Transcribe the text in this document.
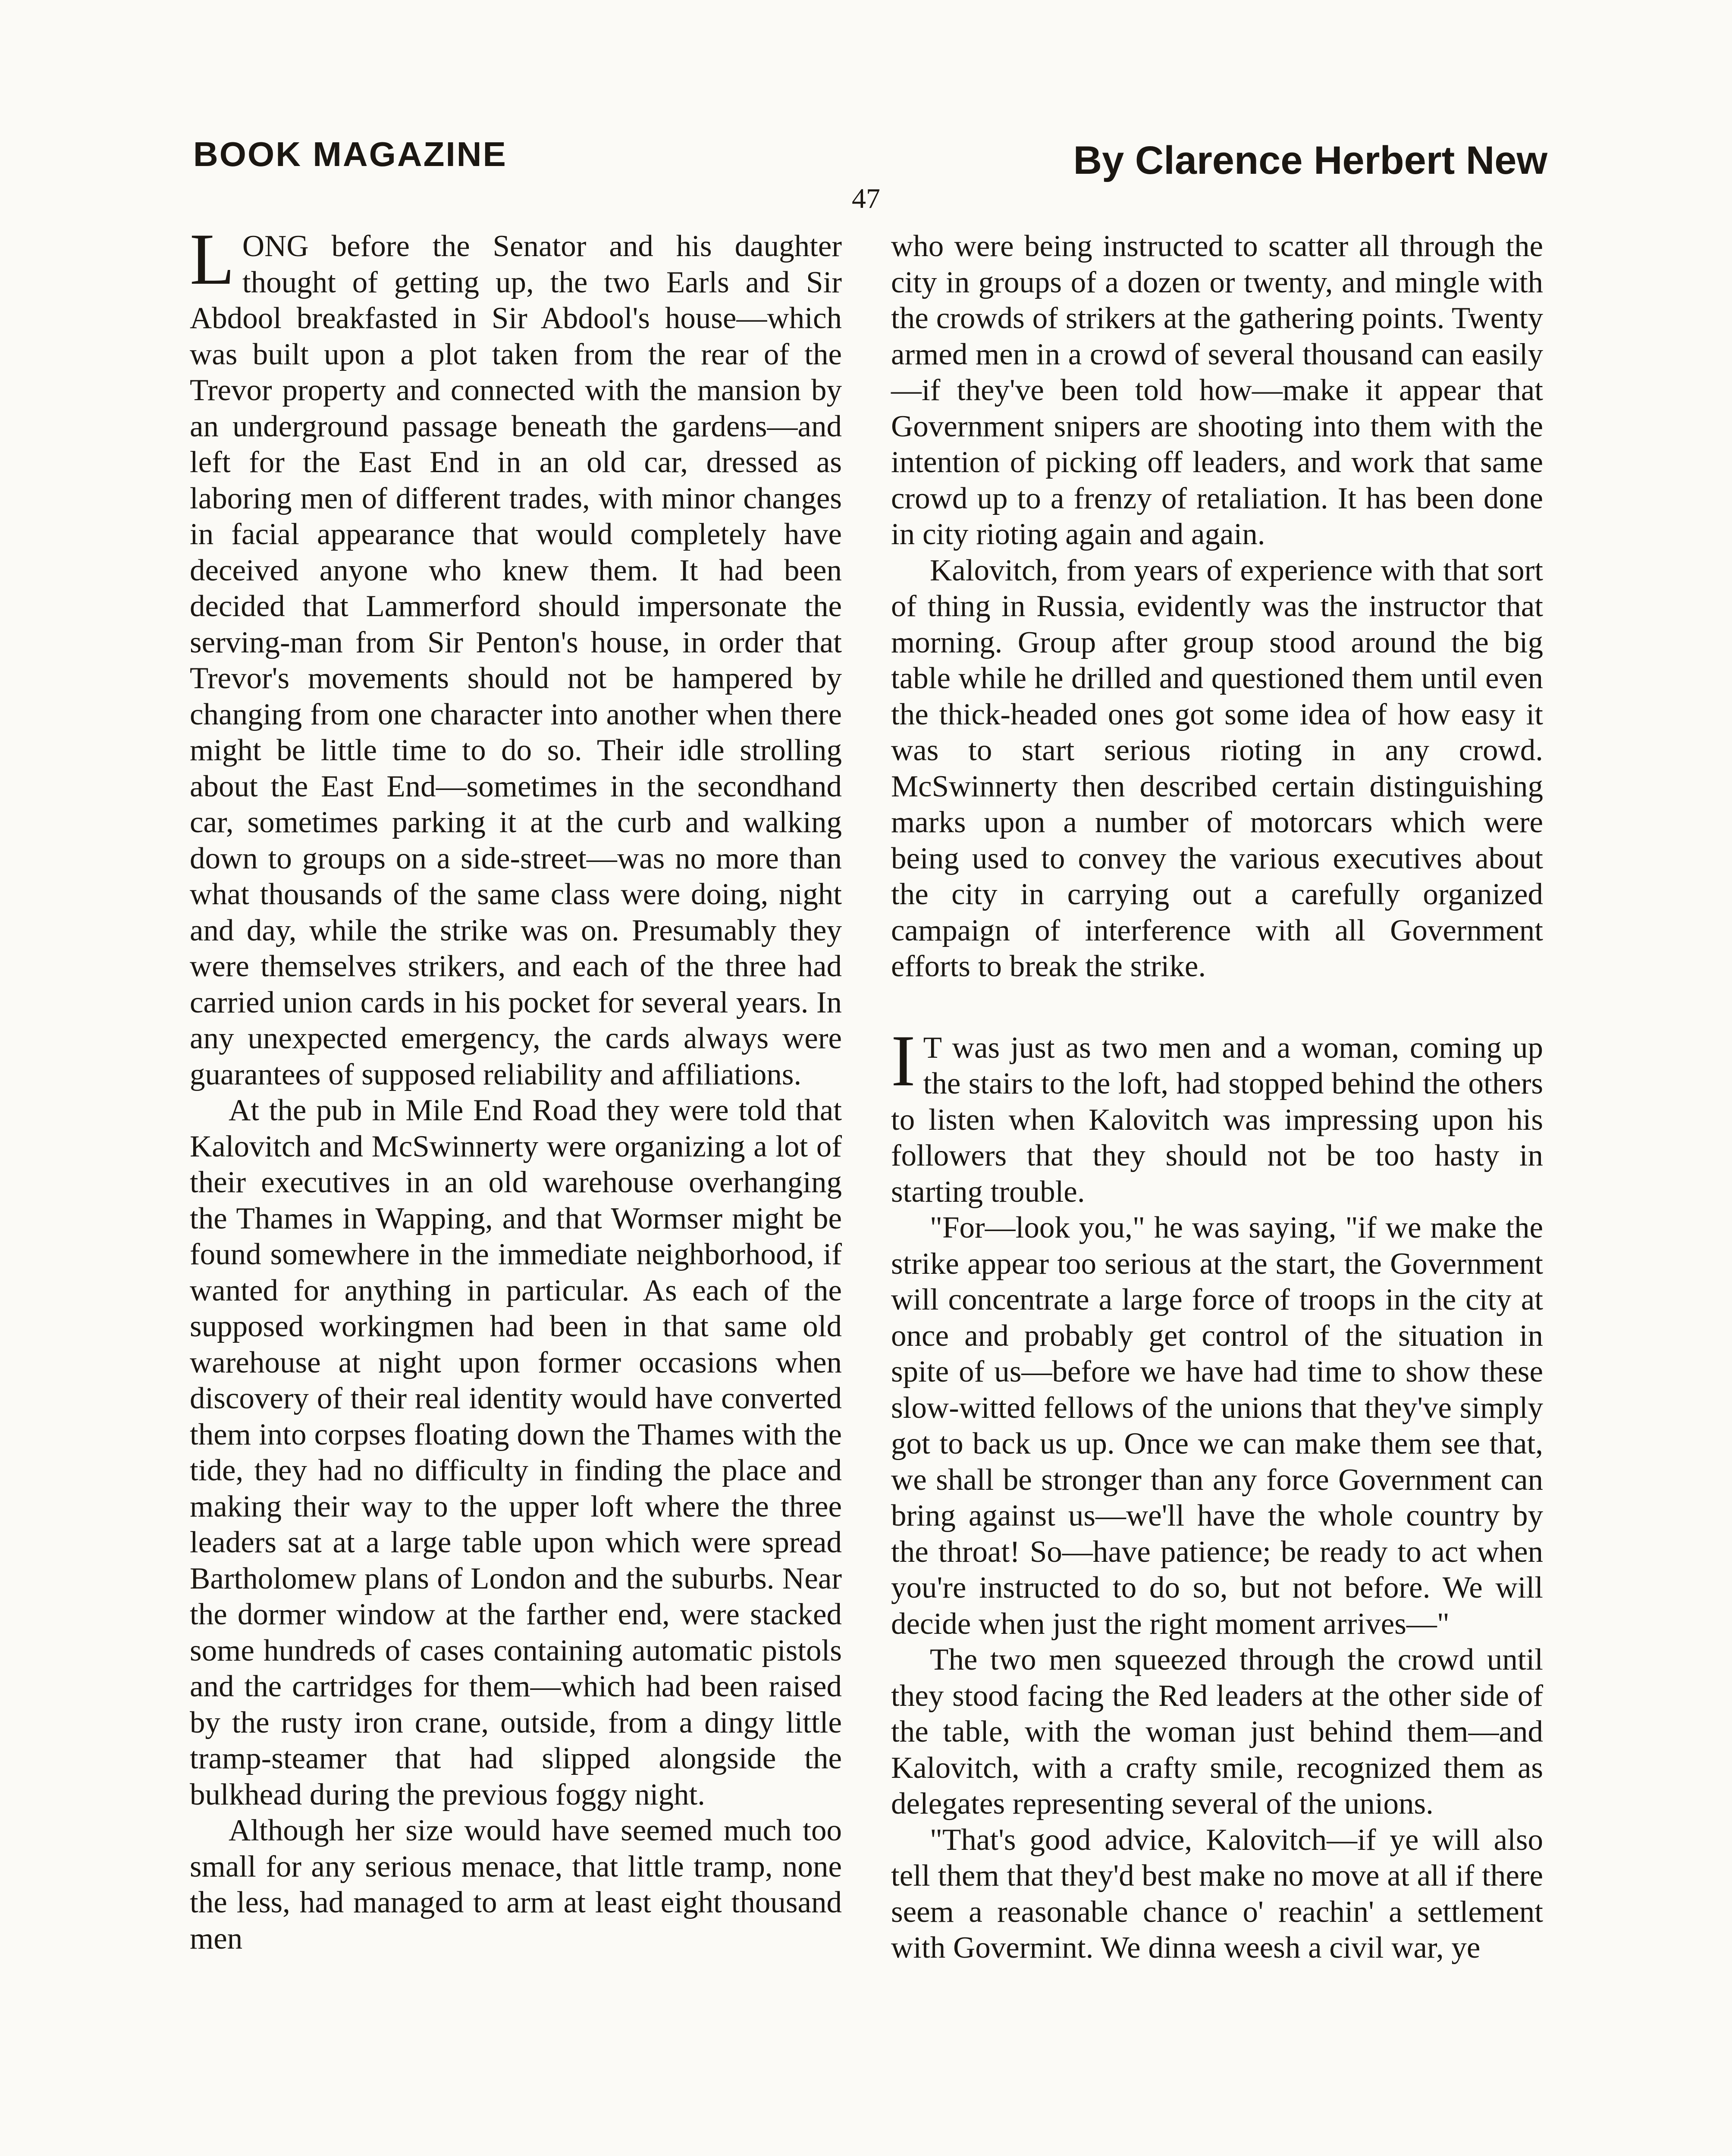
BOOK MAGAZINE	By Clarence Herbert New
47

LONG before the Senator and his daughter thought of getting up, the two Earls and Sir Abdool breakfasted in Sir Abdool's house—which was built upon a plot taken from the rear of the Trevor property and connected with the mansion by an underground passage beneath the gardens—and left for the East End in an old car, dressed as laboring men of different trades, with minor changes in facial appearance that would completely have deceived anyone who knew them. It had been decided that Lammerford should impersonate the serving-man from Sir Penton's house, in order that Trevor's movements should not be hampered by changing from one character into another when there might be little time to do so. Their idle strolling about the East End—sometimes in the secondhand car, sometimes parking it at the curb and walking down to groups on a side-street—was no more than what thousands of the same class were doing, night and day, while the strike was on. Presumably they were themselves strikers, and each of the three had carried union cards in his pocket for several years. In any unexpected emergency, the cards always were guarantees of supposed reliability and affiliations.

At the pub in Mile End Road they were told that Kalovitch and McSwinnerty were organizing a lot of their executives in an old warehouse overhanging the Thames in Wapping, and that Wormser might be found somewhere in the immediate neighborhood, if wanted for anything in particular. As each of the supposed workingmen had been in that same old warehouse at night upon former occasions when discovery of their real identity would have converted them into corpses floating down the Thames with the tide, they had no difficulty in finding the place and making their way to the upper loft where the three leaders sat at a large table upon which were spread Bartholomew plans of London and the suburbs. Near the dormer window at the farther end, were stacked some hundreds of cases containing automatic pistols and the cartridges for them—which had been raised by the rusty iron crane, outside, from a dingy little tramp-steamer that had slipped alongside the bulkhead during the previous foggy night.

Although her size would have seemed much too small for any serious menace, that little tramp, none the less, had managed to arm at least eight thousand men

who were being instructed to scatter all through the city in groups of a dozen or twenty, and mingle with the crowds of strikers at the gathering points. Twenty armed men in a crowd of several thousand can easily—if they've been told how—make it appear that Government snipers are shooting into them with the intention of picking off leaders, and work that same crowd up to a frenzy of retaliation. It has been done in city rioting again and again.

Kalovitch, from years of experience with that sort of thing in Russia, evidently was the instructor that morning. Group after group stood around the big table while he drilled and questioned them until even the thick-headed ones got some idea of how easy it was to start serious rioting in any crowd. McSwinnerty then described certain distinguishing marks upon a number of motorcars which were being used to convey the various executives about the city in carrying out a carefully organized campaign of interference with all Government efforts to break the strike.

I T was just as two men and a woman, coming up the stairs to the loft, had stopped behind the others to listen when Kalovitch was impressing upon his followers that they should not be too hasty in starting trouble.

"For—look you," he was saying, "if we make the strike appear too serious at the start, the Government will concentrate a large force of troops in the city at once and probably get control of the situation in spite of us—before we have had time to show these slow-witted fellows of the unions that they've simply got to back us up. Once we can make them see that, we shall be stronger than any force Government can bring against us—we'll have the whole country by the throat! So—have patience; be ready to act when you're instructed to do so, but not before. We will decide when just the right moment arrives—"

The two men squeezed through the crowd until they stood facing the Red leaders at the other side of the table, with the woman just behind them—and Kalovitch, with a crafty smile, recognized them as delegates representing several of the unions.

"That's good advice, Kalovitch—if ye will also tell them that they'd best make no move at all if there seem a reasonable chance o' reachin' a settlement with Govermint. We dinna weesh a civil war, ye
